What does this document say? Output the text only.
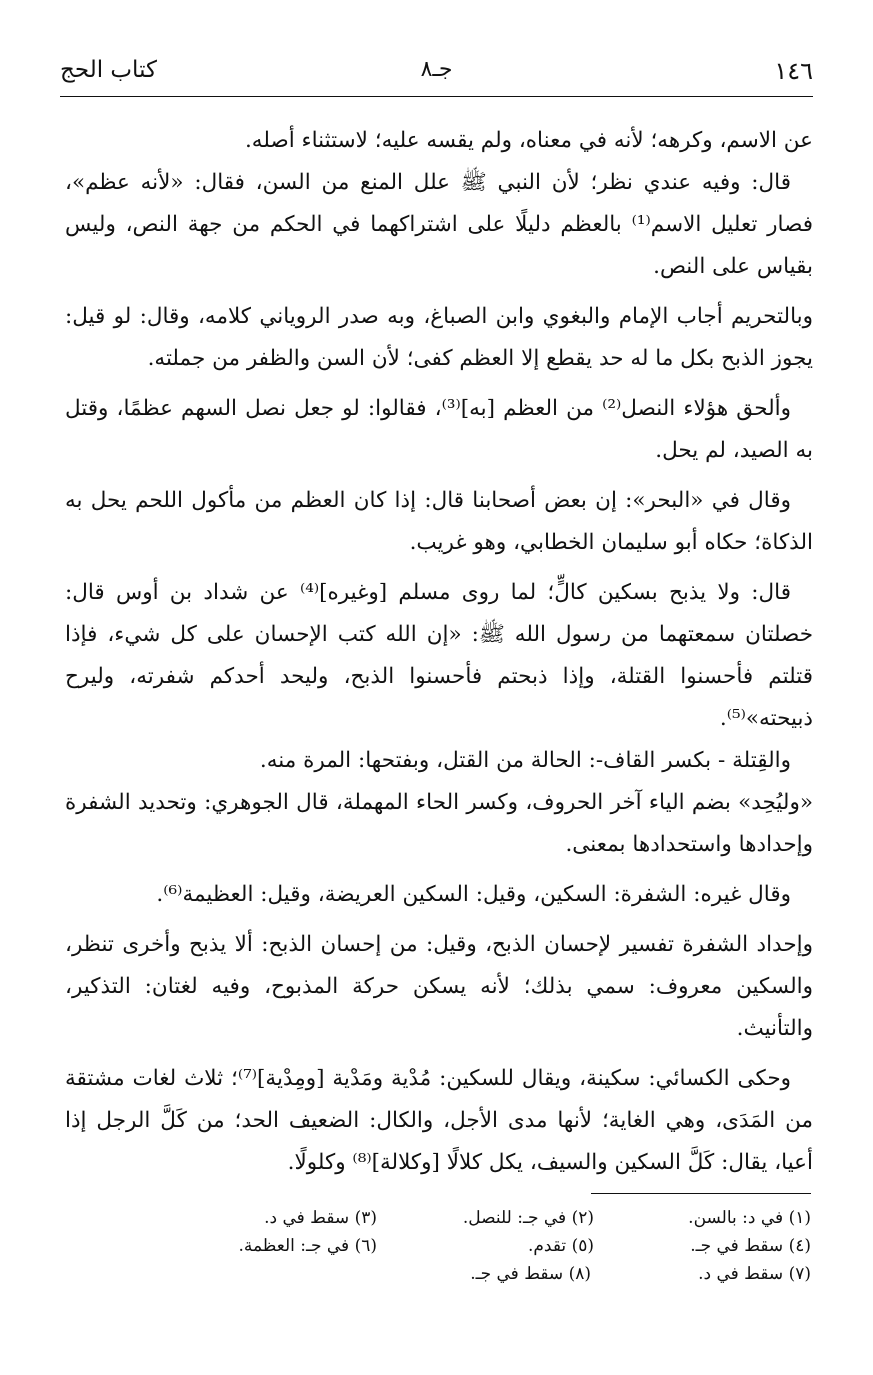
١٤٦
جـ٨
كتاب الحج

عن الاسم، وكرهه؛ لأنه في معناه، ولم يقسه عليه؛ لاستثناء أصله.

قال: وفيه عندي نظر؛ لأن النبي ﷺ علل المنع من السن، فقال: «لأنه عظم»، فصار تعليل الاسم⁽¹⁾ بالعظم دليلًا على اشتراكهما في الحكم من جهة النص، وليس بقياس على النص.

وبالتحريم أجاب الإمام والبغوي وابن الصباغ، وبه صدر الروياني كلامه، وقال: لو قيل: يجوز الذبح بكل ما له حد يقطع إلا العظم كفى؛ لأن السن والظفر من جملته.

وألحق هؤلاء النصل⁽²⁾ من العظم [به]⁽³⁾، فقالوا: لو جعل نصل السهم عظمًا، وقتل به الصيد، لم يحل.

وقال في «البحر»: إن بعض أصحابنا قال: إذا كان العظم من مأكول اللحم يحل به الذكاة؛ حكاه أبو سليمان الخطابي، وهو غريب.

قال: ولا يذبح بسكين كالٍّ؛ لما روى مسلم [وغيره]⁽⁴⁾ عن شداد بن أوس قال: خصلتان سمعتهما من رسول الله ﷺ: «إن الله كتب الإحسان على كل شيء، فإذا قتلتم فأحسنوا القتلة، وإذا ذبحتم فأحسنوا الذبح، وليحد أحدكم شفرته، وليرح ذبيحته»⁽⁵⁾.

والقِتلة - بكسر القاف-: الحالة من القتل، وبفتحها: المرة منه.

«وليُحِد» بضم الياء آخر الحروف، وكسر الحاء المهملة، قال الجوهري: وتحديد الشفرة وإحدادها واستحدادها بمعنى.

وقال غيره: الشفرة: السكين، وقيل: السكين العريضة، وقيل: العظيمة⁽⁶⁾.

وإحداد الشفرة تفسير لإحسان الذبح، وقيل: من إحسان الذبح: ألا يذبح وأخرى تنظر، والسكين معروف: سمي بذلك؛ لأنه يسكن حركة المذبوح، وفيه لغتان: التذكير، والتأنيث.

وحكى الكسائي: سكينة، ويقال للسكين: مُدْية ومَدْية [ومِدْية]⁽⁷⁾؛ ثلاث لغات مشتقة من المَدَى، وهي الغاية؛ لأنها مدى الأجل، والكال: الضعيف الحد؛ من كَلَّ الرجل إذا أعيا، يقال: كَلَّ السكين والسيف، يكل كلالًا [وكلالة]⁽⁸⁾ وكلولًا.

(١) في د: بالسن.
(٢) في جـ: للنصل.
(٣) سقط في د.
(٤) سقط في جـ.
(٥) تقدم.
(٦) في جـ: العظمة.
(٧) سقط في د.
(٨) سقط في جـ.
